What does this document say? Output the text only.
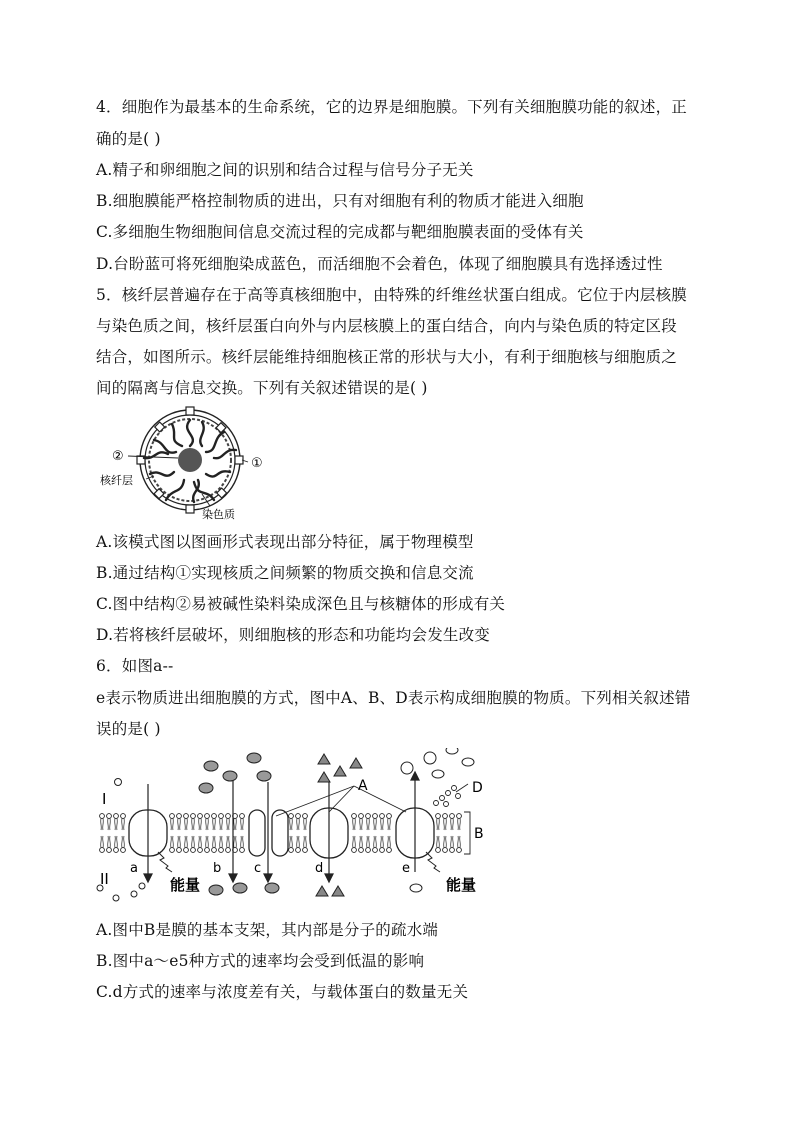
4．细胞作为最基本的生命系统，它的边界是细胞膜。下列有关细胞膜功能的叙述，正
确的是( )
A.精子和卵细胞之间的识别和结合过程与信号分子无关
B.细胞膜能严格控制物质的进出，只有对细胞有利的物质才能进入细胞
C.多细胞生物细胞间信息交流过程的完成都与靶细胞膜表面的受体有关
D.台盼蓝可将死细胞染成蓝色，而活细胞不会着色，体现了细胞膜具有选择透过性
5．核纤层普遍存在于高等真核细胞中，由特殊的纤维丝状蛋白组成。它位于内层核膜
与染色质之间，核纤层蛋白向外与内层核膜上的蛋白结合，向内与染色质的特定区段
结合，如图所示。核纤层能维持细胞核正常的形状与大小，有利于细胞核与细胞质之
间的隔离与信息交换。下列有关叙述错误的是( )
②	①
核纤层
染色质
A.该模式图以图画形式表现出部分特征，属于物理模型
B.通过结构①实现核质之间频繁的物质交换和信息交流
C.图中结构②易被碱性染料染成深色且与核糖体的形成有关
D.若将核纤层破坏，则细胞核的形态和功能均会发生改变
6．如图a--
e表示物质进出细胞膜的方式，图中A、B、D表示构成细胞膜的物质。下列相关叙述错
误的是( )
I
II
A
B
D
a	b	c	d	e
能量	能量
A.图中B是膜的基本支架，其内部是分子的疏水端
B.图中a～e5种方式的速率均会受到低温的影响
C.d方式的速率与浓度差有关，与载体蛋白的数量无关
